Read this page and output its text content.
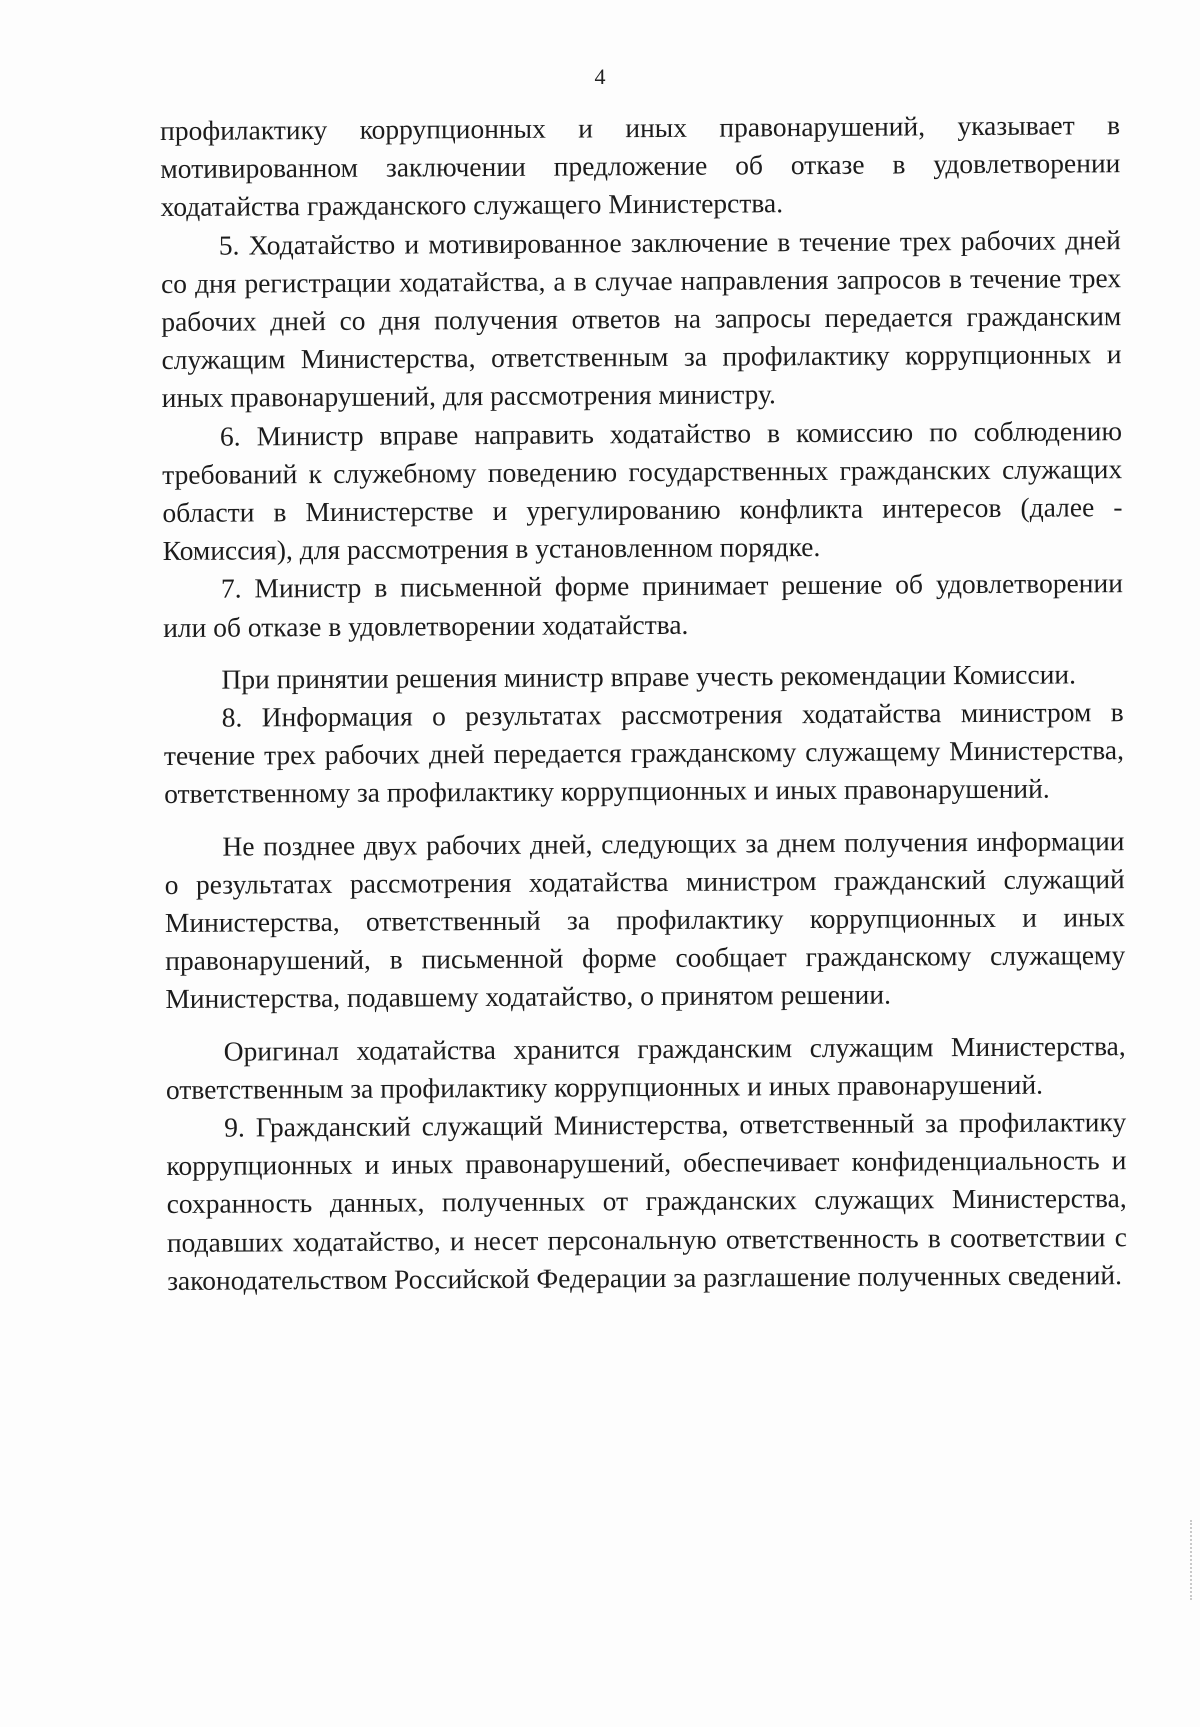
4

профилактику коррупционных и иных правонарушений, указывает в мотивированном заключении предложение об отказе в удовлетворении ходатайства гражданского служащего Министерства.

5. Ходатайство и мотивированное заключение в течение трех рабочих дней со дня регистрации ходатайства, а в случае направления запросов в течение трех рабочих дней со дня получения ответов на запросы передается гражданским служащим Министерства, ответственным за профилактику коррупционных и иных правонарушений, для рассмотрения министру.

6. Министр вправе направить ходатайство в комиссию по соблюдению требований к служебному поведению государственных гражданских служащих области в Министерстве и урегулированию конфликта интересов (далее - Комиссия), для рассмотрения в установленном порядке.

7. Министр в письменной форме принимает решение об удовлетворении или об отказе в удовлетворении ходатайства.

При принятии решения министр вправе учесть рекомендации Комиссии.

8. Информация о результатах рассмотрения ходатайства министром в течение трех рабочих дней передается гражданскому служащему Министерства, ответственному за профилактику коррупционных и иных правонарушений.

Не позднее двух рабочих дней, следующих за днем получения информации о результатах рассмотрения ходатайства министром гражданский служащий Министерства, ответственный за профилактику коррупционных и иных правонарушений, в письменной форме сообщает гражданскому служащему Министерства, подавшему ходатайство, о принятом решении.

Оригинал ходатайства хранится гражданским служащим Министерства, ответственным за профилактику коррупционных и иных правонарушений.

9. Гражданский служащий Министерства, ответственный за профилактику коррупционных и иных правонарушений, обеспечивает конфиденциальность и сохранность данных, полученных от гражданских служащих Министерства, подавших ходатайство, и несет персональную ответственность в соответствии с законодательством Российской Федерации за разглашение полученных сведений.
